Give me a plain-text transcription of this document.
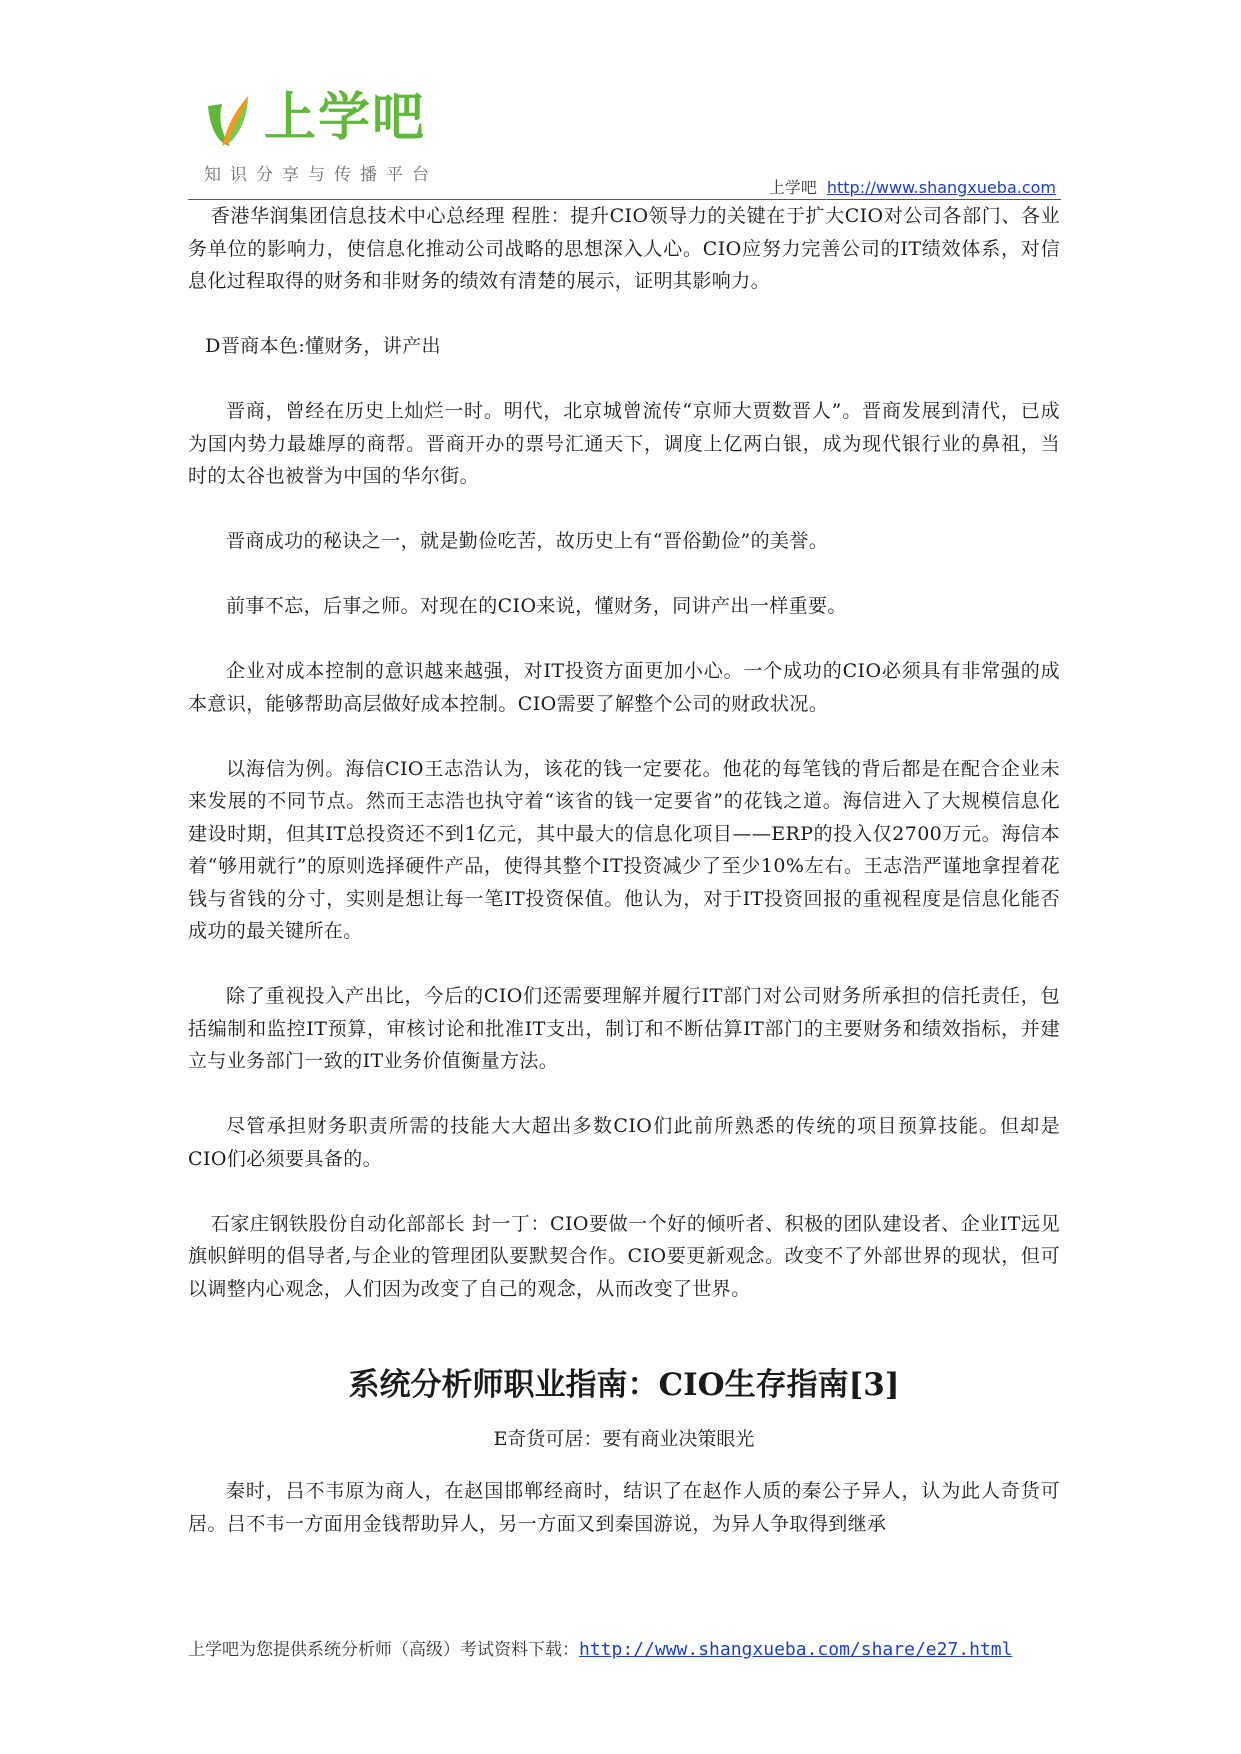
上学吧
知识分享与传播平台
上学吧 http://www.shangxueba.com

香港华润集团信息技术中心总经理 程胜：提升CIO领导力的关键在于扩大CIO对公司各部门、各业务单位的影响力，使信息化推动公司战略的思想深入人心。CIO应努力完善公司的IT绩效体系，对信息化过程取得的财务和非财务的绩效有清楚的展示，证明其影响力。

D晋商本色:懂财务，讲产出

晋商，曾经在历史上灿烂一时。明代，北京城曾流传“京师大贾数晋人”。晋商发展到清代，已成为国内势力最雄厚的商帮。晋商开办的票号汇通天下，调度上亿两白银，成为现代银行业的鼻祖，当时的太谷也被誉为中国的华尔街。

晋商成功的秘诀之一，就是勤俭吃苦，故历史上有“晋俗勤俭”的美誉。

前事不忘，后事之师。对现在的CIO来说，懂财务，同讲产出一样重要。

企业对成本控制的意识越来越强，对IT投资方面更加小心。一个成功的CIO必须具有非常强的成本意识，能够帮助高层做好成本控制。CIO需要了解整个公司的财政状况。

以海信为例。海信CIO王志浩认为，该花的钱一定要花。他花的每笔钱的背后都是在配合企业未来发展的不同节点。然而王志浩也执守着“该省的钱一定要省”的花钱之道。海信进入了大规模信息化建设时期，但其IT总投资还不到1亿元，其中最大的信息化项目——ERP的投入仅2700万元。海信本着“够用就行”的原则选择硬件产品，使得其整个IT投资减少了至少10%左右。王志浩严谨地拿捏着花钱与省钱的分寸，实则是想让每一笔IT投资保值。他认为，对于IT投资回报的重视程度是信息化能否成功的最关键所在。

除了重视投入产出比，今后的CIO们还需要理解并履行IT部门对公司财务所承担的信托责任，包括编制和监控IT预算，审核讨论和批准IT支出，制订和不断估算IT部门的主要财务和绩效指标，并建立与业务部门一致的IT业务价值衡量方法。

尽管承担财务职责所需的技能大大超出多数CIO们此前所熟悉的传统的项目预算技能。但却是CIO们必须要具备的。

石家庄钢铁股份自动化部部长 封一丁：CIO要做一个好的倾听者、积极的团队建设者、企业IT远见旗帜鲜明的倡导者,与企业的管理团队要默契合作。CIO要更新观念。改变不了外部世界的现状，但可以调整内心观念，人们因为改变了自己的观念，从而改变了世界。

系统分析师职业指南：CIO生存指南[3]
E奇货可居：要有商业决策眼光

秦时，吕不韦原为商人，在赵国邯郸经商时，结识了在赵作人质的秦公子异人，认为此人奇货可居。吕不韦一方面用金钱帮助异人，另一方面又到秦国游说，为异人争取得到继承

上学吧为您提供系统分析师（高级）考试资料下载：http://www.shangxueba.com/share/e27.html
